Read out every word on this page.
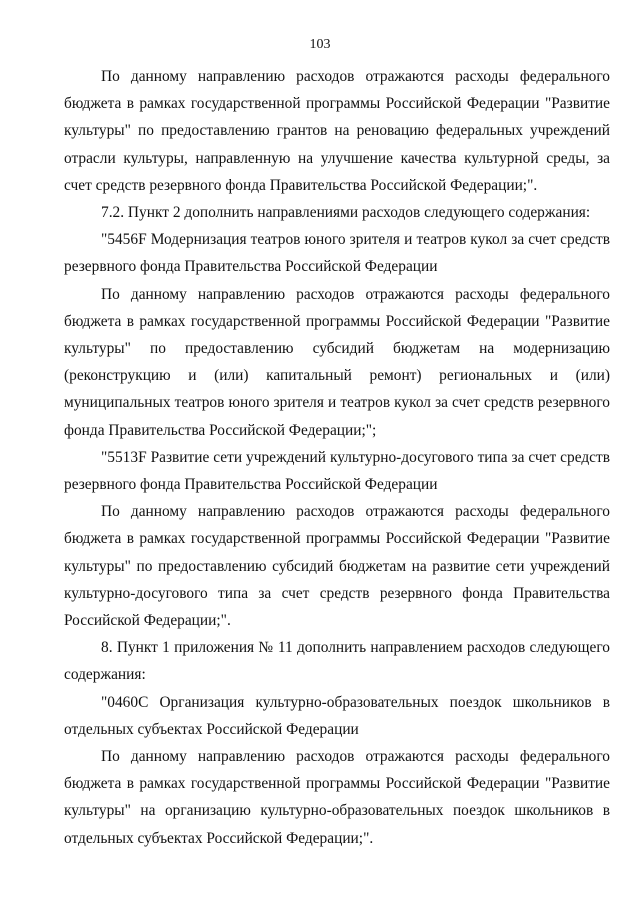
103

По данному направлению расходов отражаются расходы федерального бюджета в рамках государственной программы Российской Федерации "Развитие культуры" по предоставлению грантов на реновацию федеральных учреждений отрасли культуры, направленную на улучшение качества культурной среды, за счет средств резервного фонда Правительства Российской Федерации;".

7.2. Пункт 2 дополнить направлениями расходов следующего содержания:

"5456F Модернизация театров юного зрителя и театров кукол за счет средств резервного фонда Правительства Российской Федерации

По данному направлению расходов отражаются расходы федерального бюджета в рамках государственной программы Российской Федерации "Развитие культуры" по предоставлению субсидий бюджетам на модернизацию (реконструкцию и (или) капитальный ремонт) региональных и (или) муниципальных театров юного зрителя и театров кукол за счет средств резервного фонда Правительства Российской Федерации;";

"5513F Развитие сети учреждений культурно-досугового типа за счет средств резервного фонда Правительства Российской Федерации

По данному направлению расходов отражаются расходы федерального бюджета в рамках государственной программы Российской Федерации "Развитие культуры" по предоставлению субсидий бюджетам на развитие сети учреждений культурно-досугового типа за счет средств резервного фонда Правительства Российской Федерации;".

8. Пункт 1 приложения № 11 дополнить направлением расходов следующего содержания:

"0460C Организация культурно-образовательных поездок школьников в отдельных субъектах Российской Федерации

По данному направлению расходов отражаются расходы федерального бюджета в рамках государственной программы Российской Федерации "Развитие культуры" на организацию культурно-образовательных поездок школьников в отдельных субъектах Российской Федерации;".
